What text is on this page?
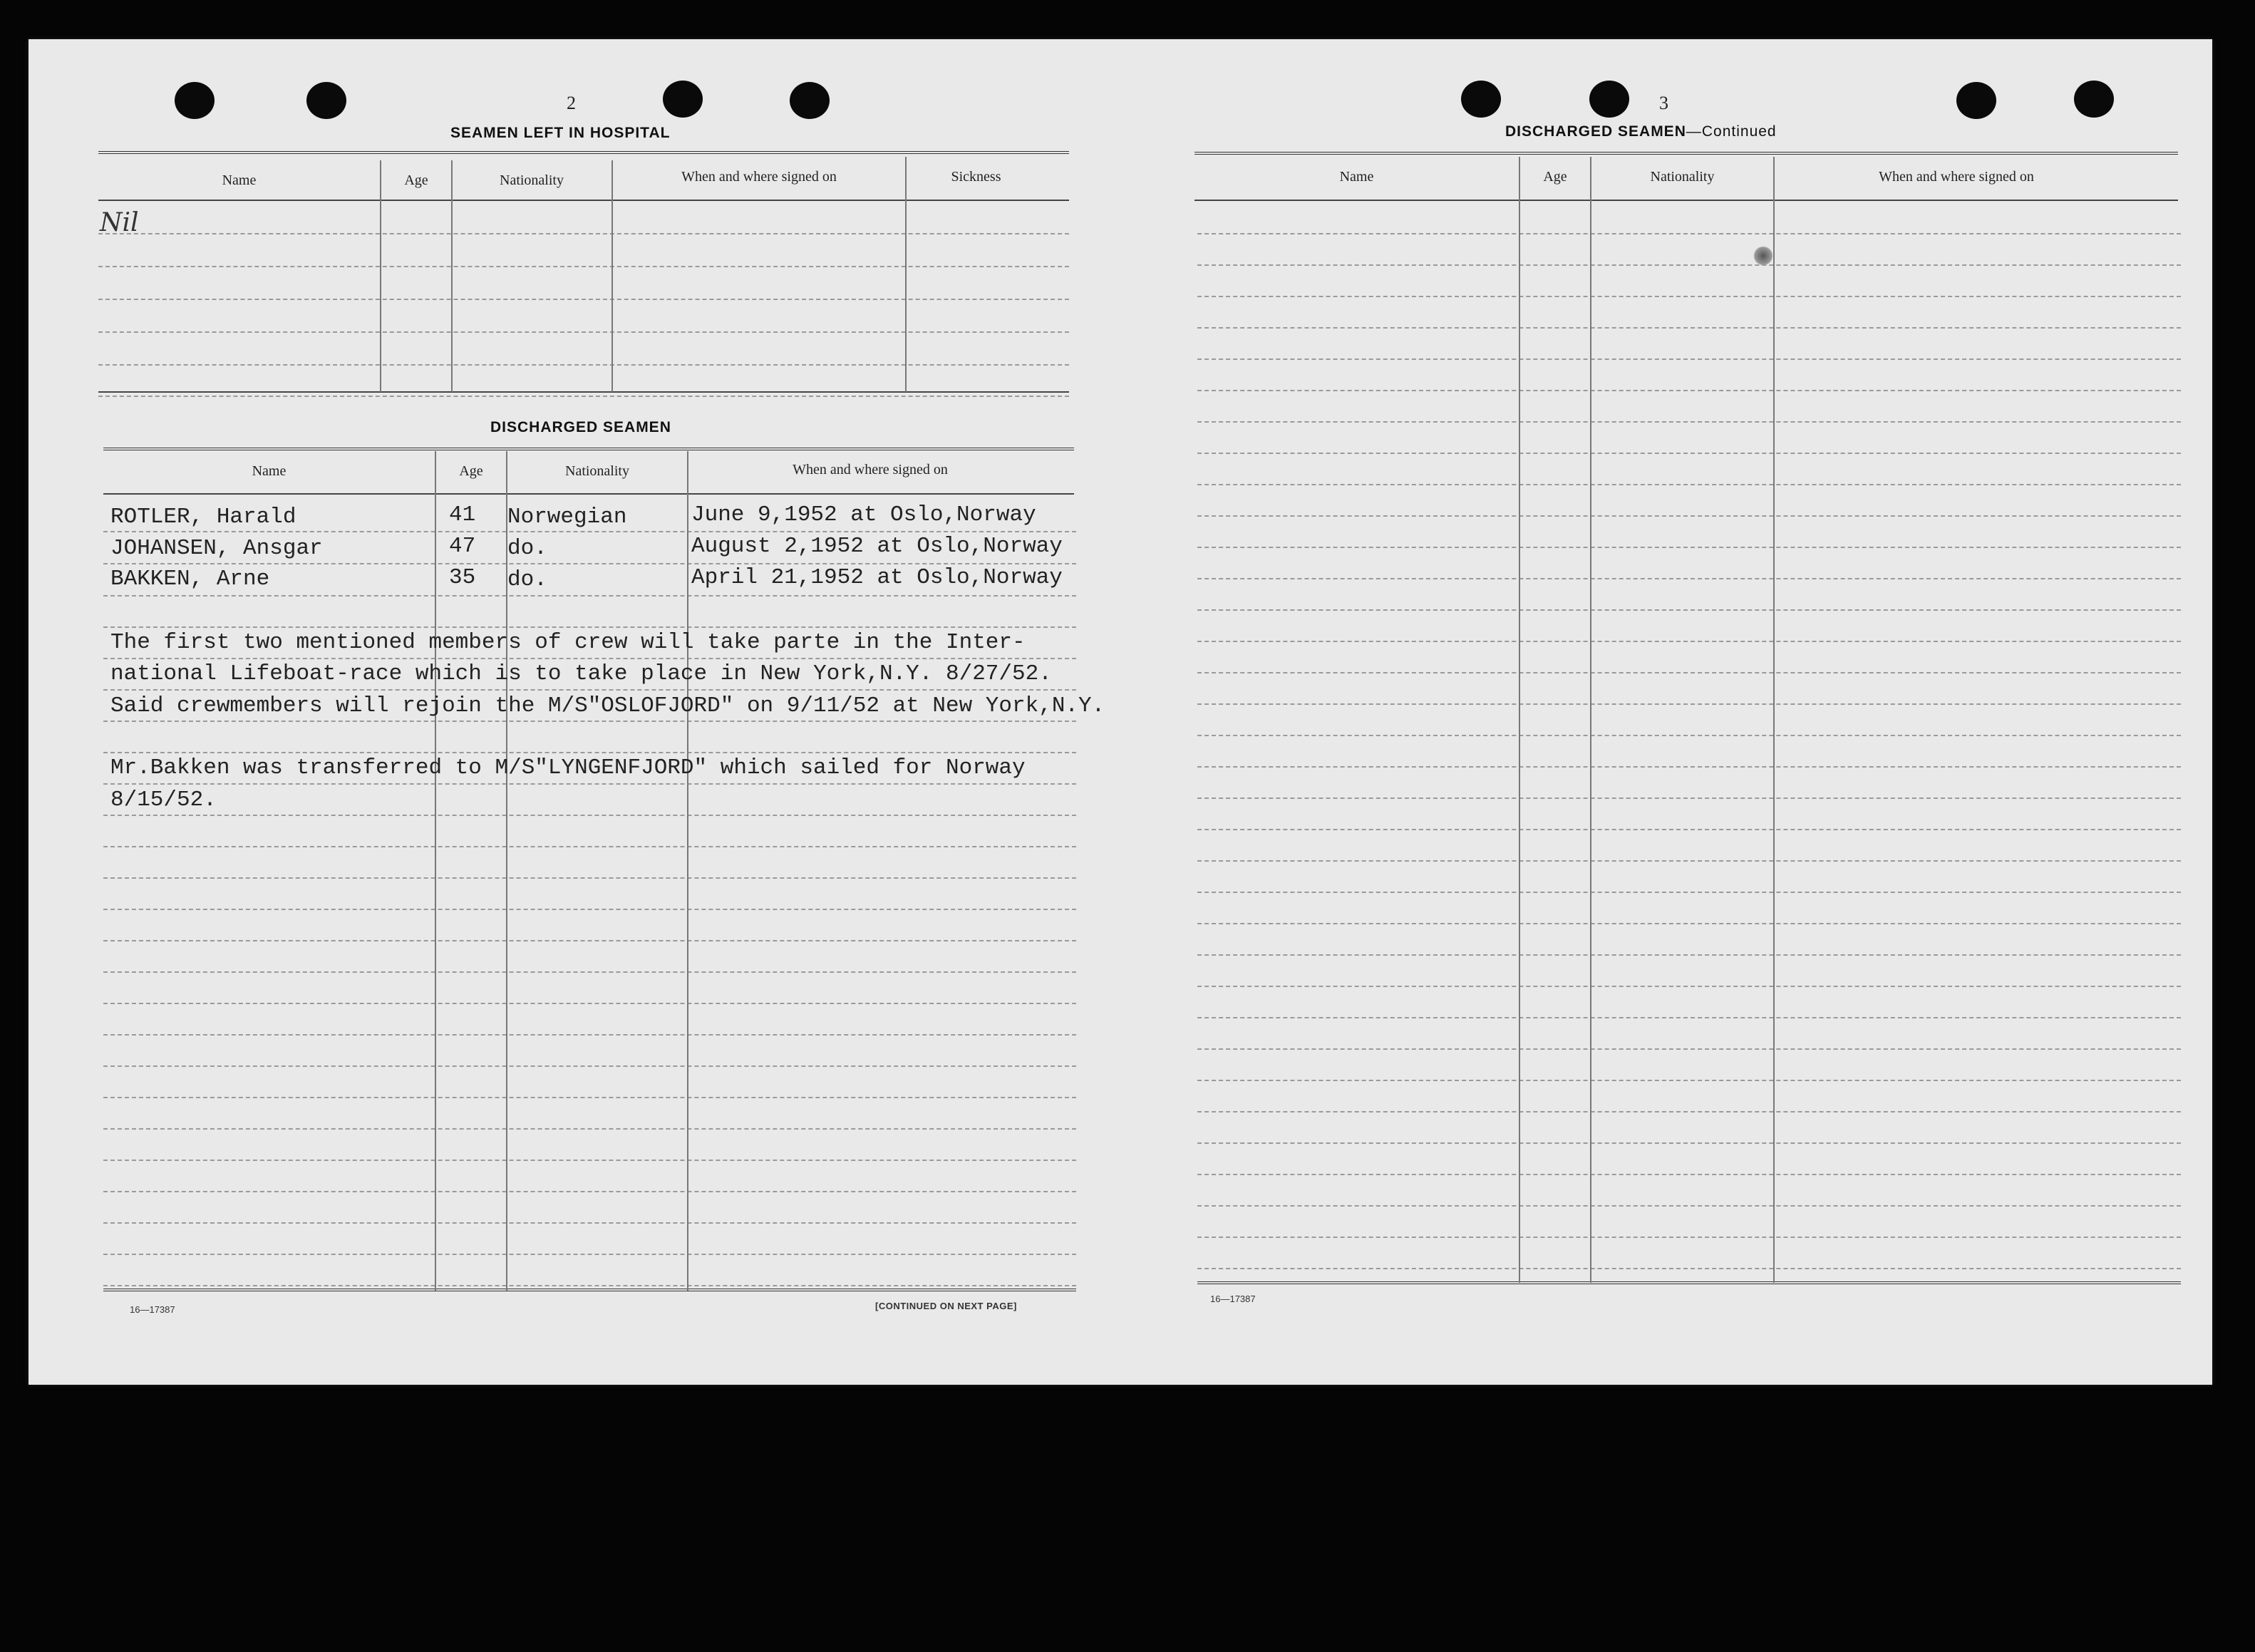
2
SEAMEN LEFT IN HOSPITAL
Name	Age	Nationality	When and where signed on	Sickness
Nil
DISCHARGED SEAMEN
Name	Age	Nationality	When and where signed on
ROTLER, Harald	41 Norwegian	June 9,1952 at Oslo,Norway
JOHANSEN, Ansgar	47 do.	August 2,1952 at Oslo,Norway
BAKKEN, Arne	35 do.	April 21,1952 at Oslo,Norway
The first two mentioned members of crew will take parte in the Inter-
national Lifeboat-race which is to take place in New York,N.Y. 8/27/52.
Said crewmembers will rejoin the M/S"OSLOFJORD" on 9/11/52 at New York,N.Y.
Mr.Bakken was transferred to M/S"LYNGENFJORD" which sailed for Norway
8/15/52.
16—17387	[CONTINUED ON NEXT PAGE]
3
DISCHARGED SEAMEN—Continued
Name	Age	Nationality	When and where signed on
16—17387
